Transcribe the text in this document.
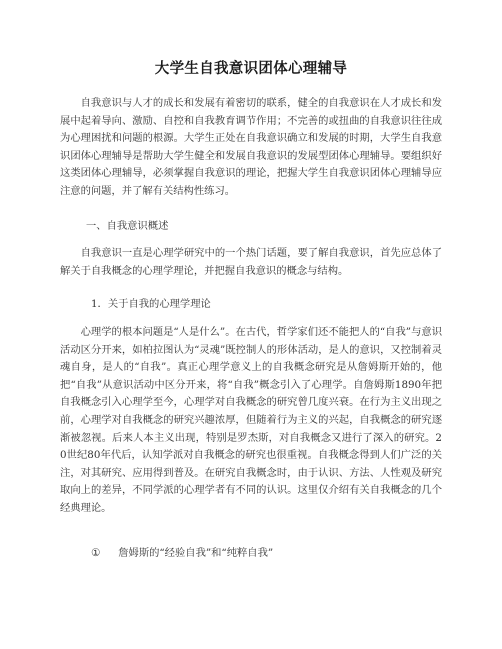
大学生自我意识团体心理辅导

自我意识与人才的成长和发展有着密切的联系，健全的自我意识在人才成长和发展中起着导向、激励、自控和自我教育调节作用；不完善的或扭曲的自我意识往往成为心理困扰和问题的根源。大学生正处在自我意识确立和发展的时期，大学生自我意识团体心理辅导是帮助大学生健全和发展自我意识的发展型团体心理辅导。要组织好这类团体心理辅导，必须掌握自我意识的理论，把握大学生自我意识团体心理辅导应注意的问题，并了解有关结构性练习。

一、自我意识概述

自我意识一直是心理学研究中的一个热门话题，要了解自我意识，首先应总体了解关于自我概念的心理学理论，并把握自我意识的概念与结构。

1．关于自我的心理学理论

心理学的根本问题是“人是什么”。在古代，哲学家们还不能把人的“自我”与意识活动区分开来，如柏拉图认为“灵魂”既控制人的形体活动，是人的意识，又控制着灵魂自身，是人的“自我”。真正心理学意义上的自我概念研究是从詹姆斯开始的，他把“自我”从意识活动中区分开来，将“自我”概念引入了心理学。自詹姆斯1890年把自我概念引入心理学至今，心理学对自我概念的研究曾几度兴衰。在行为主义出现之前，心理学对自我概念的研究兴趣浓厚，但随着行为主义的兴起，自我概念的研究逐渐被忽视。后来人本主义出现，特别是罗杰斯，对自我概念又进行了深入的研究。20世纪80年代后，认知学派对自我概念的研究也很重视。自我概念得到人们广泛的关注，对其研究、应用得到普及。在研究自我概念时，由于认识、方法、人性观及研究取向上的差异，不同学派的心理学者有不同的认识。这里仅介绍有关自我概念的几个经典理论。

① 詹姆斯的“经验自我”和“纯粹自我”
